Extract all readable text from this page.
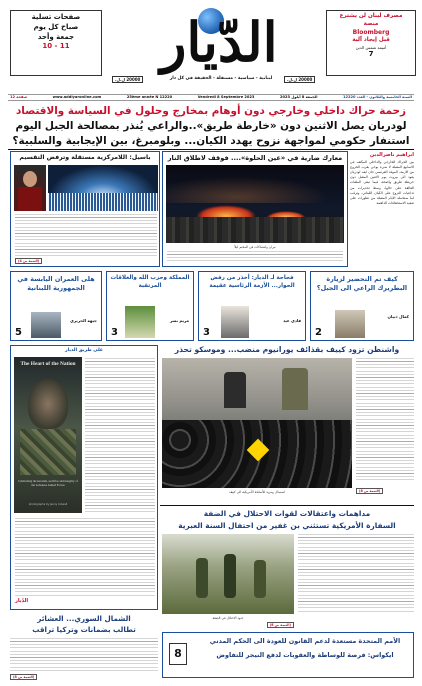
الدّيار
لبنانية - سياسية - مستقلة - الحقيقة في كل دار
مصرف لبنان لن يشترع
منصة
Bloomberg
قبل إيجاد آلية
أميمة شمس الدين
7
صفحات تسلية
صباح كل يوم
جمعة وأحد
10 - 11
20000 ل.ل.	20000 ل.ل.
12 صفحة	www.addiyaronline.com	25ème année N 12220	Vendredi 8 Septembre 2023	الجمعة 8 أيلول 2023	السنة الخامسة والثلاثون - العدد 12220
زحمة حراك داخلي وخارجي دون أوهام بمخارج وحلول في السياسة والاقتصاد
لودريان يصل الاثنين دون «خارطة طريق»..والراعي يُنذر بمصالحة الجبل اليوم
استنفار حكومي لمواجهة نزوح يهدد الكيان... وبلومبرغ، بين الإيجابية والسلبية؟
ابراهيم ناصرالدين
بين الحراك الخارجي والداخلي المكثف في الاسابيع المقبلة لا شيء يوحي بقرب الخروج من الازمة، الموفد الفرنسي جان ايف لودريان يعود الى بيروت يوم الاثنين المقبل دون خريطة طريق واضحة، فيما تبقى الملفات العالقة على حالها، وسط تحذيرات من تداعيات النزوح على الكيان اللبناني، وترقب لما ستحمله الايام المقبلة من تطورات على صعيد الاستحقاقات الداهمة.
معارك ضارية في «عين الحلوة».... فوقف لاطلاق النار
نيران واشتباكات في المخيم ليلاً
باسيل: اللامركزية مستقلة وترفض التقسيم
(التتمة ص 4)
كيف تم التحضير لزيارة البطريرك الراعي الى الجبل؟
كمال ذبيان
2
فحاحة لـ الديار: أخذر من رفض الحوار... الأزمة الرئاسية عقيمة
فادي عيد
3
المملكة وحزب الله والعلاقات المرتقبة
مريم نسر
3
هلى العمران اليابسة في الجمهورية اللبنانية
جيهة الحريري
5
واشنطن تزود كييف بقذائف يورانيوم منضب... وموسكو تحذر
استبدال ومزيد للأسلحة الأمريكية الى كييف	(التتمة ص 8)
على طريق الديار
The Heart of the Nation
Celebrating the heroism, sacrifice and integrity of the Lebanese Armed Forces
photographs by Jenny Colwell
الدّيار
مداهمات واعتقالات لقوات الاحتلال في الضفة
السفارة الأمريكية تستثني بن غفير من احتفال السنة العبرية
جنود الاحتلال في الضفة
(التتمة ص 8)
الشمال السوري... العشائر
تطالب بضمانات وتركيا تراقب
(التتمة ص 8)
الأمم المتحدة مستعدة لدعم القانون للعودة الى الحكم المدني
ايكواس: فرصة للوساطة والعقوبات لدفع النيجر للتفاوض
8
